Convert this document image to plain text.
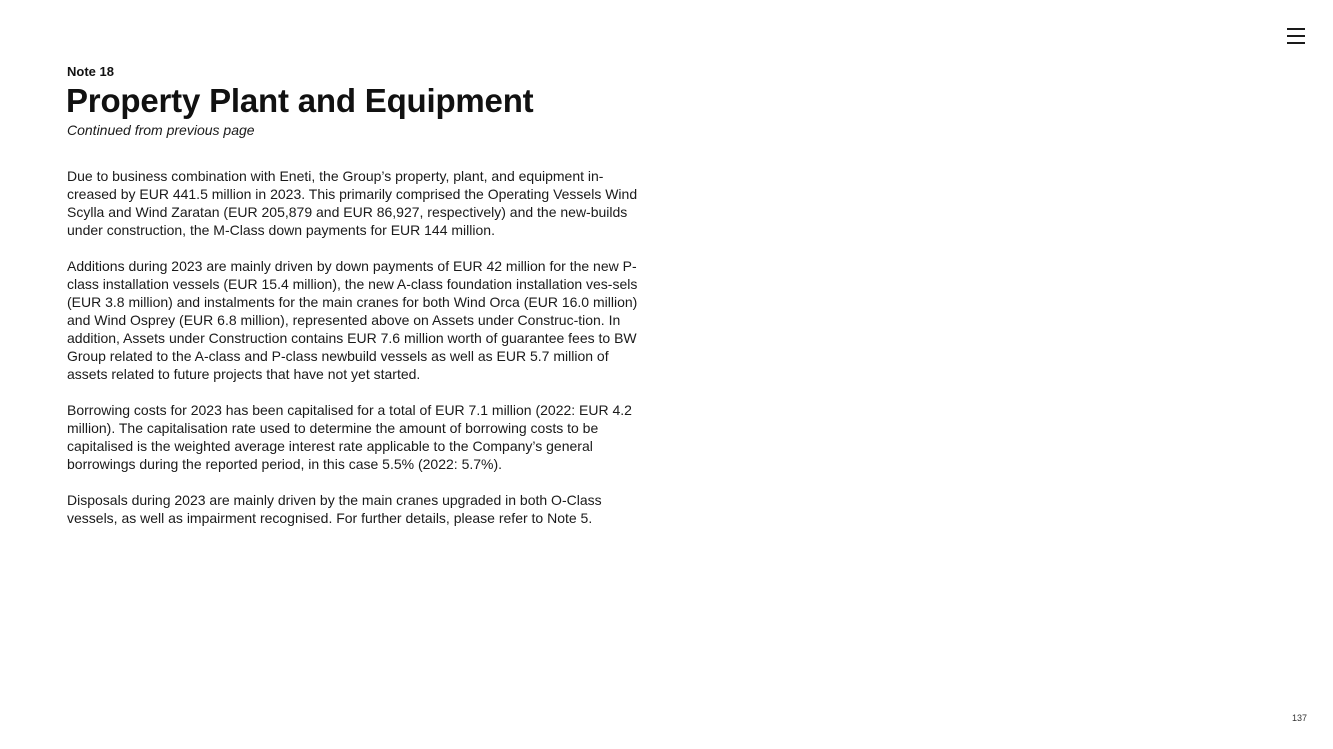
Note 18
Property Plant and Equipment
Continued from previous page

Due to business combination with Eneti, the Group’s property, plant, and equipment in-creased by EUR 441.5 million in 2023. This primarily comprised the Operating Vessels Wind Scylla and Wind Zaratan (EUR 205,879 and EUR 86,927, respectively) and the new-builds under construction, the M-Class down payments for EUR 144 million.

Additions during 2023 are mainly driven by down payments of EUR 42 million for the new P-class installation vessels (EUR 15.4 million), the new A-class foundation installation ves-sels (EUR 3.8 million) and instalments for the main cranes for both Wind Orca (EUR 16.0 million) and Wind Osprey (EUR 6.8 million), represented above on Assets under Construc-tion. In addition, Assets under Construction contains EUR 7.6 million worth of guarantee fees to BW Group related to the A-class and P-class newbuild vessels as well as EUR 5.7 million of assets related to future projects that have not yet started.

Borrowing costs for 2023 has been capitalised for a total of EUR 7.1 million (2022: EUR 4.2 million). The capitalisation rate used to determine the amount of borrowing costs to be capitalised is the weighted average interest rate applicable to the Company’s general borrowings during the reported period, in this case 5.5% (2022: 5.7%).

Disposals during 2023 are mainly driven by the main cranes upgraded in both O-Class vessels, as well as impairment recognised. For further details, please refer to Note 5.

137
